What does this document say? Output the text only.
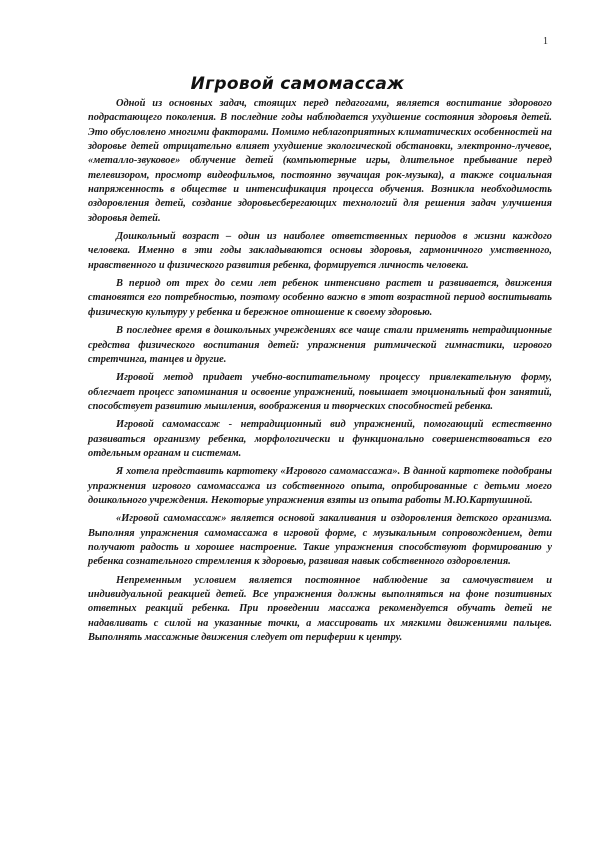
1
Игровой самомассаж

Одной из основных задач, стоящих перед педагогами, является воспитание здорового подрастающего поколения. В последние годы наблюдается ухудшение состояния здоровья детей. Это обусловлено многими факторами. Помимо неблагоприятных климатических особенностей на здоровье детей отрицательно влияет ухудшение экологической обстановки, электронно-лучевое, «металло-звуковое» облучение детей (компьютерные игры, длительное пребывание перед телевизором, просмотр видеофильмов, постоянно звучащая рок-музыка), а также социальная напряженность в обществе и интенсификация процесса обучения. Возникла необходимость оздоровления детей, создание здоровьесберегающих технологий для решения задач улучшения здоровья детей.

Дошкольный возраст – один из наиболее ответственных периодов в жизни каждого человека. Именно в эти годы закладываются основы здоровья, гармоничного умственного, нравственного и физического развития ребенка, формируется личность человека.

В период от трех до семи лет ребенок интенсивно растет и развивается, движения становятся его потребностью, поэтому особенно важно в этот возрастной период воспитывать физическую культуру у ребенка и бережное отношение к своему здоровью.

В последнее время в дошкольных учреждениях все чаще стали применять нетрадиционные средства физического воспитания детей: упражнения ритмической гимнастики, игрового стретчинга, танцев и другие.

Игровой метод придает учебно-воспитательному процессу привлекательную форму, облегчает процесс запоминания и освоение упражнений, повышает эмоциональный фон занятий, способствует развитию мышления, воображения и творческих способностей ребенка.

Игровой самомассаж - нетрадиционный вид упражнений, помогающий естественно развиваться организму ребенка, морфологически и функционально совершенствоваться его отдельным органам и системам.

Я хотела представить картотеку «Игрового самомассажа». В данной картотеке подобраны упражнения игрового самомассажа из собственного опыта, опробированные с детьми моего дошкольного учреждения. Некоторые упражнения взяты из опыта работы М.Ю.Картушиной.

«Игровой самомассаж» является основой закаливания и оздоровления детского организма. Выполняя упражнения самомассажа в игровой форме, с музыкальным сопровождением, дети получают радость и хорошее настроение. Такие упражнения способствуют формированию у ребенка сознательного стремления к здоровью, развивая навык собственного оздоровления.

Непременным условием является постоянное наблюдение за самочувствием и индивидуальной реакцией детей. Все упражнения должны выполняться на фоне позитивных ответных реакций ребенка. При проведении массажа рекомендуется обучать детей не надавливать с силой на указанные точки, а массировать их мягкими движениями пальцев. Выполнять массажные движения следует от периферии к центру.
